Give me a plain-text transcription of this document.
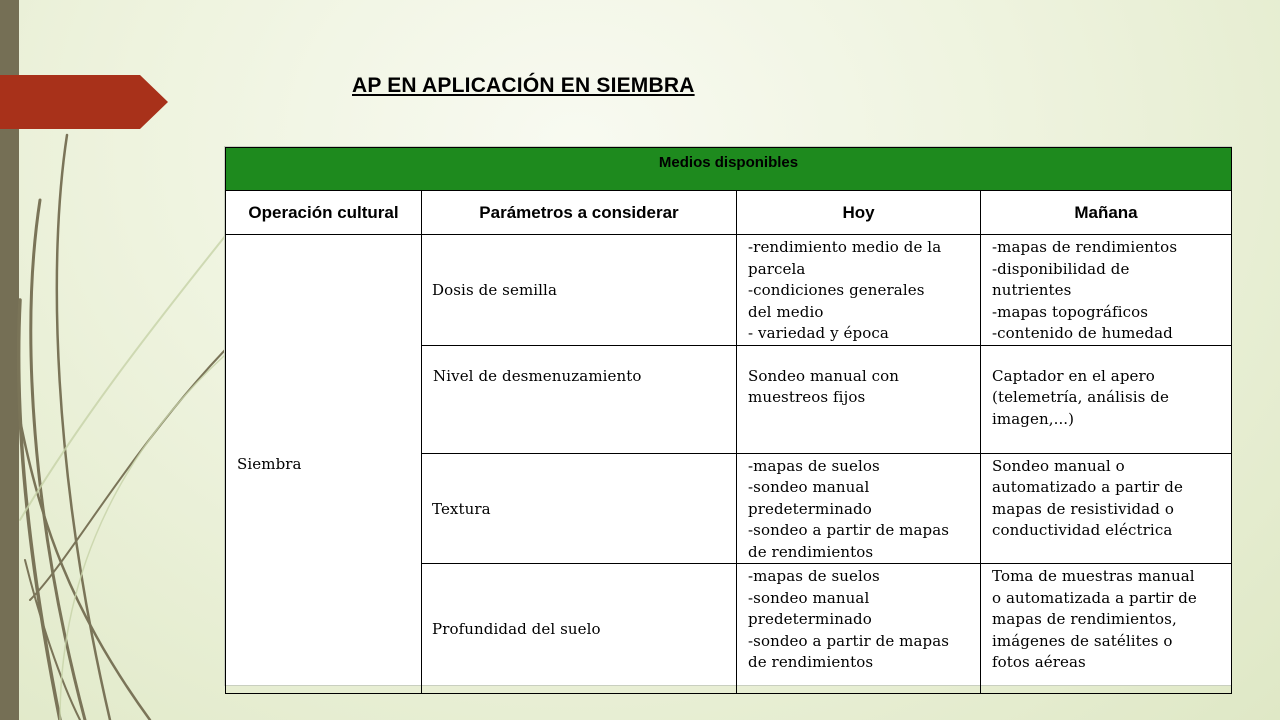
AP EN APLICACIÓN EN SIEMBRA
Medios disponibles			

Operación cultural	Parámetros a considerar	Hoy	Mañana
Siembra	Dosis de semilla	-rendimiento medio de la
parcela
-condiciones generales
del medio
- variedad y época	-mapas de rendimientos
-disponibilidad de
nutrientes
-mapas topográficos
-contenido de humedad

	Nivel de desmenuzamiento	Sondeo manual con
muestreos fijos	Captador en el apero
(telemetría, análisis de
imagen,...)

	Textura	-mapas de suelos
-sondeo manual
predeterminado
-sondeo a partir de mapas
de rendimientos	Sondeo manual o
automatizado a partir de
mapas de resistividad o
conductividad eléctrica

	Profundidad del suelo	-mapas de suelos
-sondeo manual
predeterminado
-sondeo a partir de mapas
de rendimientos	Toma de muestras manual
o automatizada a partir de
mapas de rendimientos,
imágenes de satélites o
fotos aéreas
